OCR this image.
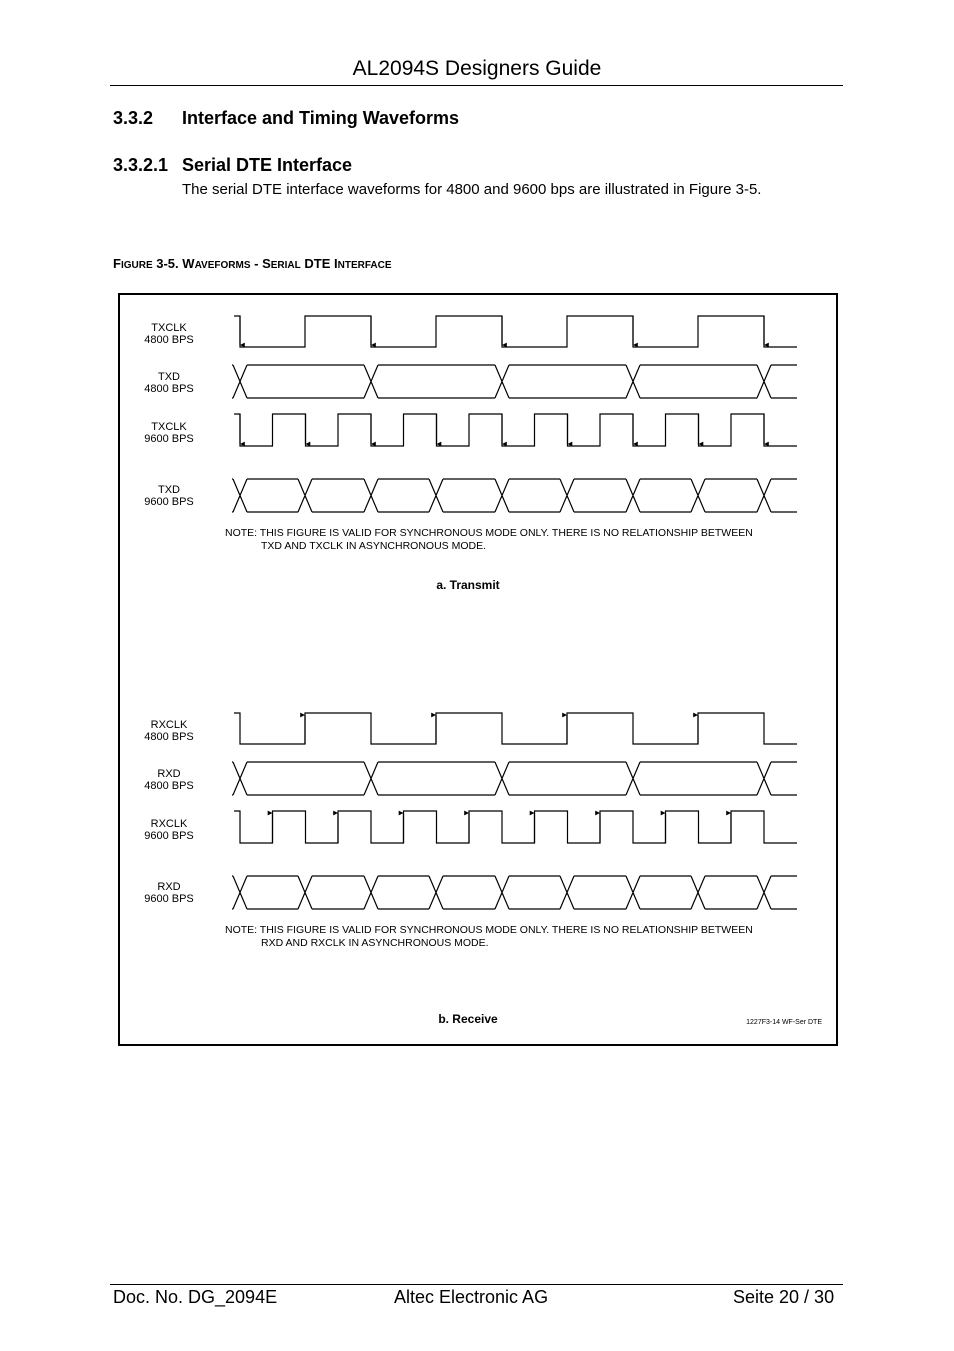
AL2094S Designers Guide
3.3.2 Interface and Timing Waveforms
3.3.2.1 Serial DTE Interface
The serial DTE interface waveforms for 4800 and 9600 bps are illustrated in Figure 3-5.
FIGURE 3-5. WAVEFORMS - SERIAL DTE INTERFACE
TXCLK
4800 BPS
TXD
4800 BPS
TXCLK
9600 BPS
TXD
9600 BPS
NOTE: THIS FIGURE IS VALID FOR SYNCHRONOUS MODE ONLY. THERE IS NO RELATIONSHIP BETWEEN
TXD AND TXCLK IN ASYNCHRONOUS MODE.
a. Transmit
RXCLK
4800 BPS
RXD
4800 BPS
RXCLK
9600 BPS
RXD
9600 BPS
NOTE: THIS FIGURE IS VALID FOR SYNCHRONOUS MODE ONLY. THERE IS NO RELATIONSHIP BETWEEN
RXD AND RXCLK IN ASYNCHRONOUS MODE.
b. Receive	1227F3-14 WF-Ser DTE
Doc. No. DG_2094E	Altec Electronic AG	Seite 20 / 30
